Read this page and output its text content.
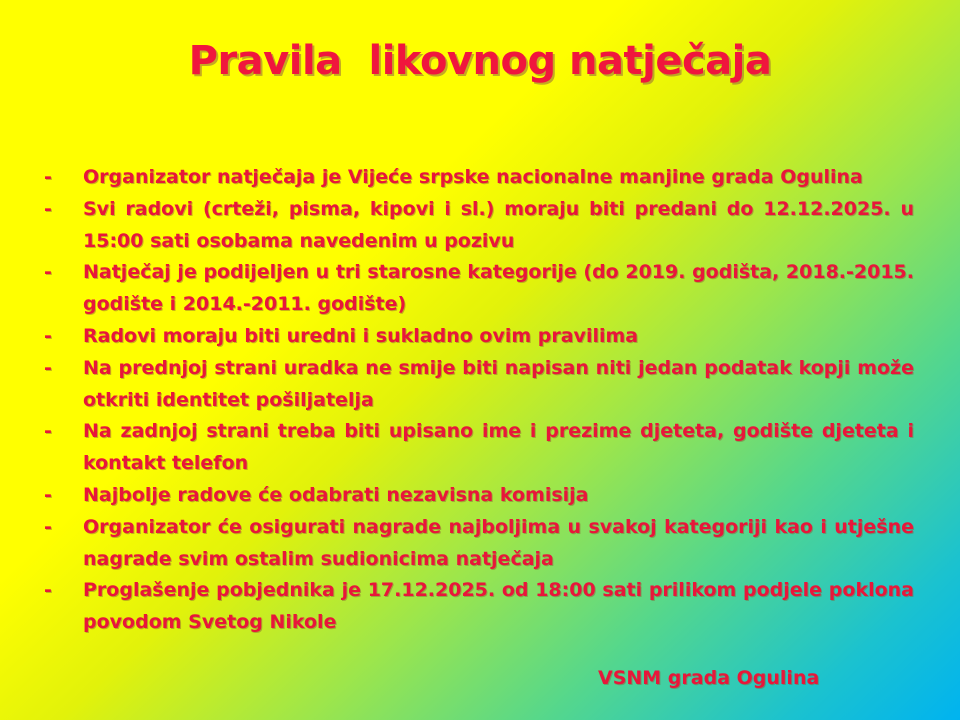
Pravila  likovnog natječaja
- Organizator natječaja je Vijeće srpske nacionalne manjine grada Ogulina
- Svi radovi (crteži, pisma, kipovi i sl.) moraju biti predani do 12.12.2025. u 15:00 sati osobama navedenim u pozivu
- Natječaj je podijeljen u tri starosne kategorije (do 2019. godišta, 2018.-2015. godište i 2014.-2011. godište)
- Radovi moraju biti uredni i sukladno ovim pravilima
- Na prednjoj strani uradka ne smije biti napisan niti jedan podatak kopji može otkriti identitet pošiljatelja
- Na zadnjoj strani treba biti upisano ime i prezime djeteta, godište djeteta i kontakt telefon
- Najbolje radove će odabrati nezavisna komisija
- Organizator će osigurati nagrade najboljima u svakoj kategoriji kao i utješne nagrade svim ostalim sudionicima natječaja
- Proglašenje pobjednika je 17.12.2025. od 18:00 sati prilikom podjele poklona povodom Svetog Nikole
VSNM grada Ogulina
